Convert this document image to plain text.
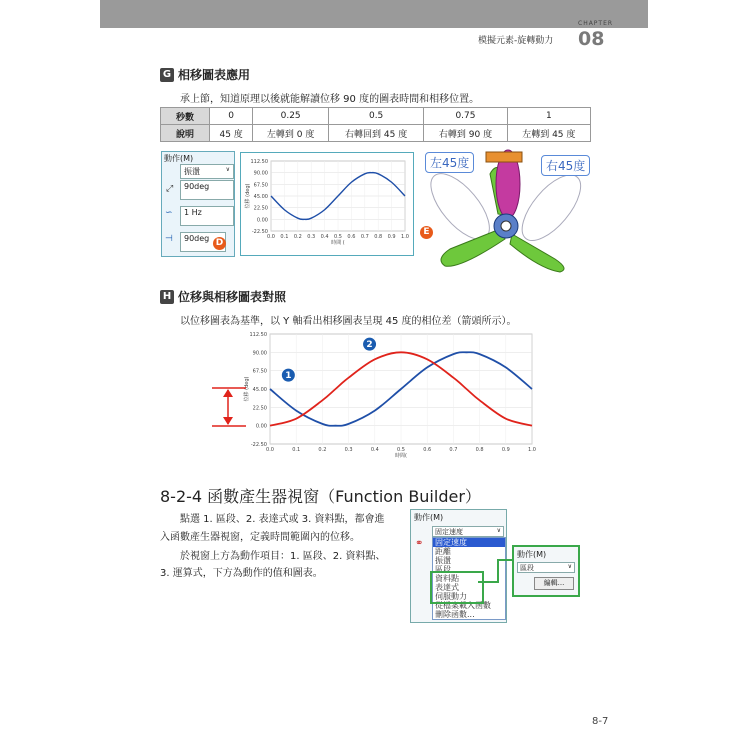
CHAPTER
08
模擬元素-旋轉動力
G 相移圖表應用
承上節，知道原理以後就能解讀位移 90 度的圖表時間和相移位置。
秒數	0	0.25	0.5	0.75	1
說明	45 度	左轉到 0 度	右轉回到 45 度	右轉到 90 度	左轉到 45 度
動作(M)
振盪	∨
⤢	90deg
∽	1 Hz
⊣	90deg D
112.50
90.00
67.50
45.00
22.50
0.00
-22.50
0.0 0.1 0.2 0.3 0.4 0.5 0.6 0.7 0.8 0.9 1.0
位移 (deg)
時間 (
E
左45度	右45度
H 位移與相移圖表對照
以位移圖表為基準，以 Y 軸看出相移圖表呈現 45 度的相位差（箭頭所示）。
112.50
90.00
67.50
45.00
22.50
0.00
-22.50
0.0	0.1	0.2	0.3	0.4	0.5	0.6	0.7	0.8	0.9	1.0
位移 (deg)
時間(
1
2
8-2-4 函數產生器視窗（Function Builder）
點選 1. 區段、2. 表達式或 3. 資料點，都會進
入函數產生器視窗，定義時間範圍內的位移。
於視窗上方為動作項目：1. 區段、2. 資料點、
3. 運算式，下方為動作的值和圖表。
動作(M)
⚭
固定速度	∨
固定速度
距離
振盪
區段
資料點
表達式
伺服動力
從檔案載入函數
刪除函數...
動作(M)
區段	∨
編輯...
8-7
